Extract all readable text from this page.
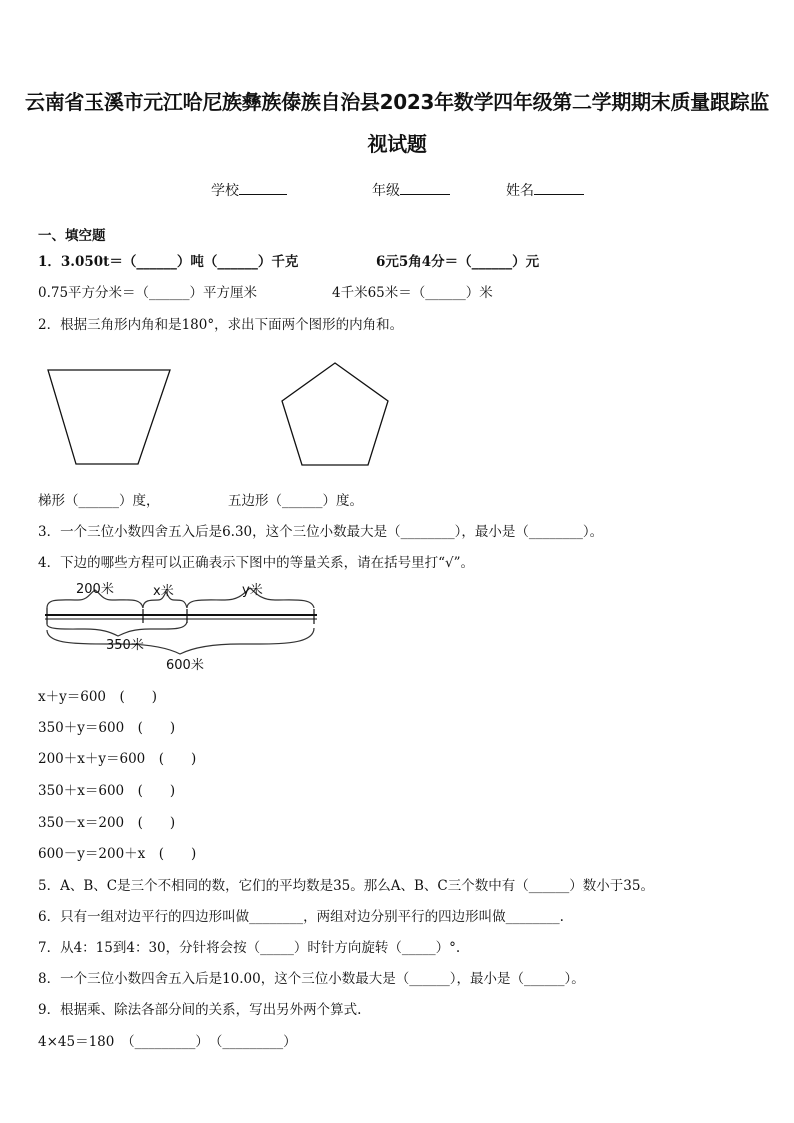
云南省玉溪市元江哈尼族彝族傣族自治县2023年数学四年级第二学期期末质量跟踪监
视试题
学校	年级	姓名
一、填空题
1．3.050t＝（______）吨（______）千克	6元5角4分＝（______）元
0.75平方分米＝（______）平方厘米	4千米65米＝（______）米
2．根据三角形内角和是180°，求出下面两个图形的内角和。
梯形（______）度，	五边形（______）度。
3．一个三位小数四舍五入后是6.30，这个三位小数最大是（________），最小是（________）。
4．下边的哪些方程可以正确表示下图中的等量关系，请在括号里打“√”。
200米	x米	y米
350米
600米
x＋y＝600　(　　)
350＋y＝600　(　　)
200＋x＋y＝600　(　　)
350＋x＝600　(　　)
350－x＝200　(　　)
600－y＝200＋x　(　　)
5．A、B、C是三个不相同的数，它们的平均数是35。那么A、B、C三个数中有（______）数小于35。
6．只有一组对边平行的四边形叫做________，两组对边分别平行的四边形叫做________.
7．从4：15到4：30，分针将会按（_____）时针方向旋转（_____）°.
8．一个三位小数四舍五入后是10.00，这个三位小数最大是（______），最小是（______）。
9．根据乘、除法各部分间的关系，写出另外两个算式.
4×45＝180　（_________）　（_________）
